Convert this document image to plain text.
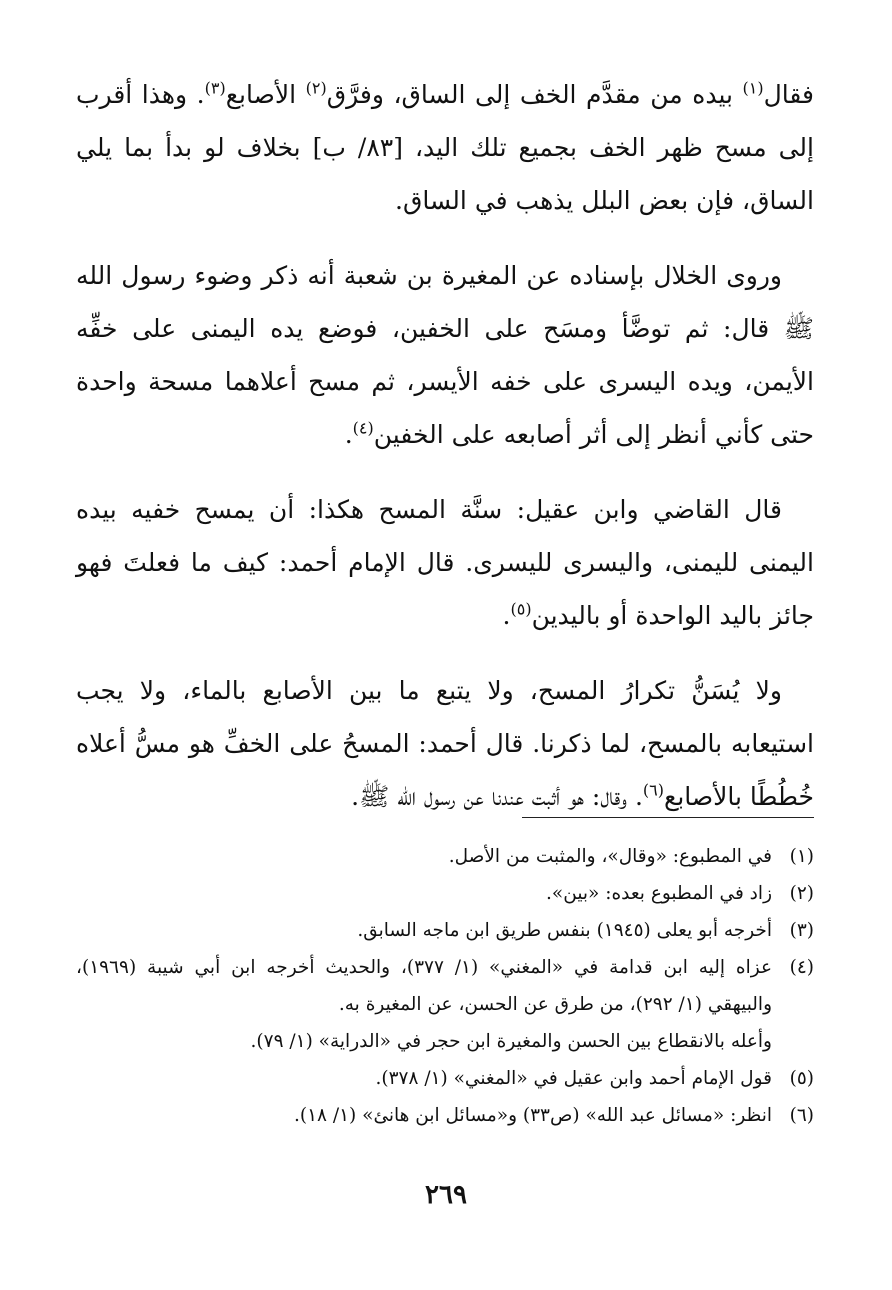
فقال$^{(١)}$ بيده من مقدَّم الخف إلى الساق، وفرَّق$^{(٢)}$ الأصابع$^{(٣)}$. وهذا أقرب إلى مسح ظهر الخف بجميع تلك اليد، [٨٣/ ب] بخلاف لو بدأ بما يلي الساق، فإن بعض البلل يذهب في الساق.

وروى الخلال بإسناده عن المغيرة بن شعبة أنه ذكر وضوء رسول الله ﷺ قال: ثم توضَّأ ومسَح على الخفين، فوضع يده اليمنى على خفِّه الأيمن، ويده اليسرى على خفه الأيسر، ثم مسح أعلاهما مسحة واحدة حتى كأني أنظر إلى أثر أصابعه على الخفين$^{(٤)}$.

قال القاضي وابن عقيل: سنَّة المسح هكذا: أن يمسح خفيه بيده اليمنى لليمنى، واليسرى لليسرى. قال الإمام أحمد: كيف ما فعلتَ فهو جائز باليد الواحدة أو باليدين$^{(٥)}$.

ولا يُسَنُّ تكرارُ المسح، ولا يتبع ما بين الأصابع بالماء، ولا يجب استيعابه بالمسح، لما ذكرنا. قال أحمد: المسحُ على الخفِّ هو مسُّ أعلاه خُطُطًا بالأصابع$^{(٦)}$. وقال: هو أثبت عندنا عن رسول الله ﷺ.

(١)
في المطبوع: «وقال»، والمثبت من الأصل.
(٢)
زاد في المطبوع بعده: «بين».
(٣)
أخرجه أبو يعلى (١٩٤٥) بنفس طريق ابن ماجه السابق.
(٤)
عزاه إليه ابن قدامة في «المغني» (١/ ٣٧٧)، والحديث أخرجه ابن أبي شيبة (١٩٦٩)، والبيهقي (١/ ٢٩٢)، من طرق عن الحسن، عن المغيرة به.
وأعله بالانقطاع بين الحسن والمغيرة ابن حجر في «الدراية» (١/ ٧٩).
(٥)
قول الإمام أحمد وابن عقيل في «المغني» (١/ ٣٧٨).
(٦)
انظر: «مسائل عبد الله» (ص٣٣) و«مسائل ابن هانئ» (١/ ١٨).
٢٦٩
